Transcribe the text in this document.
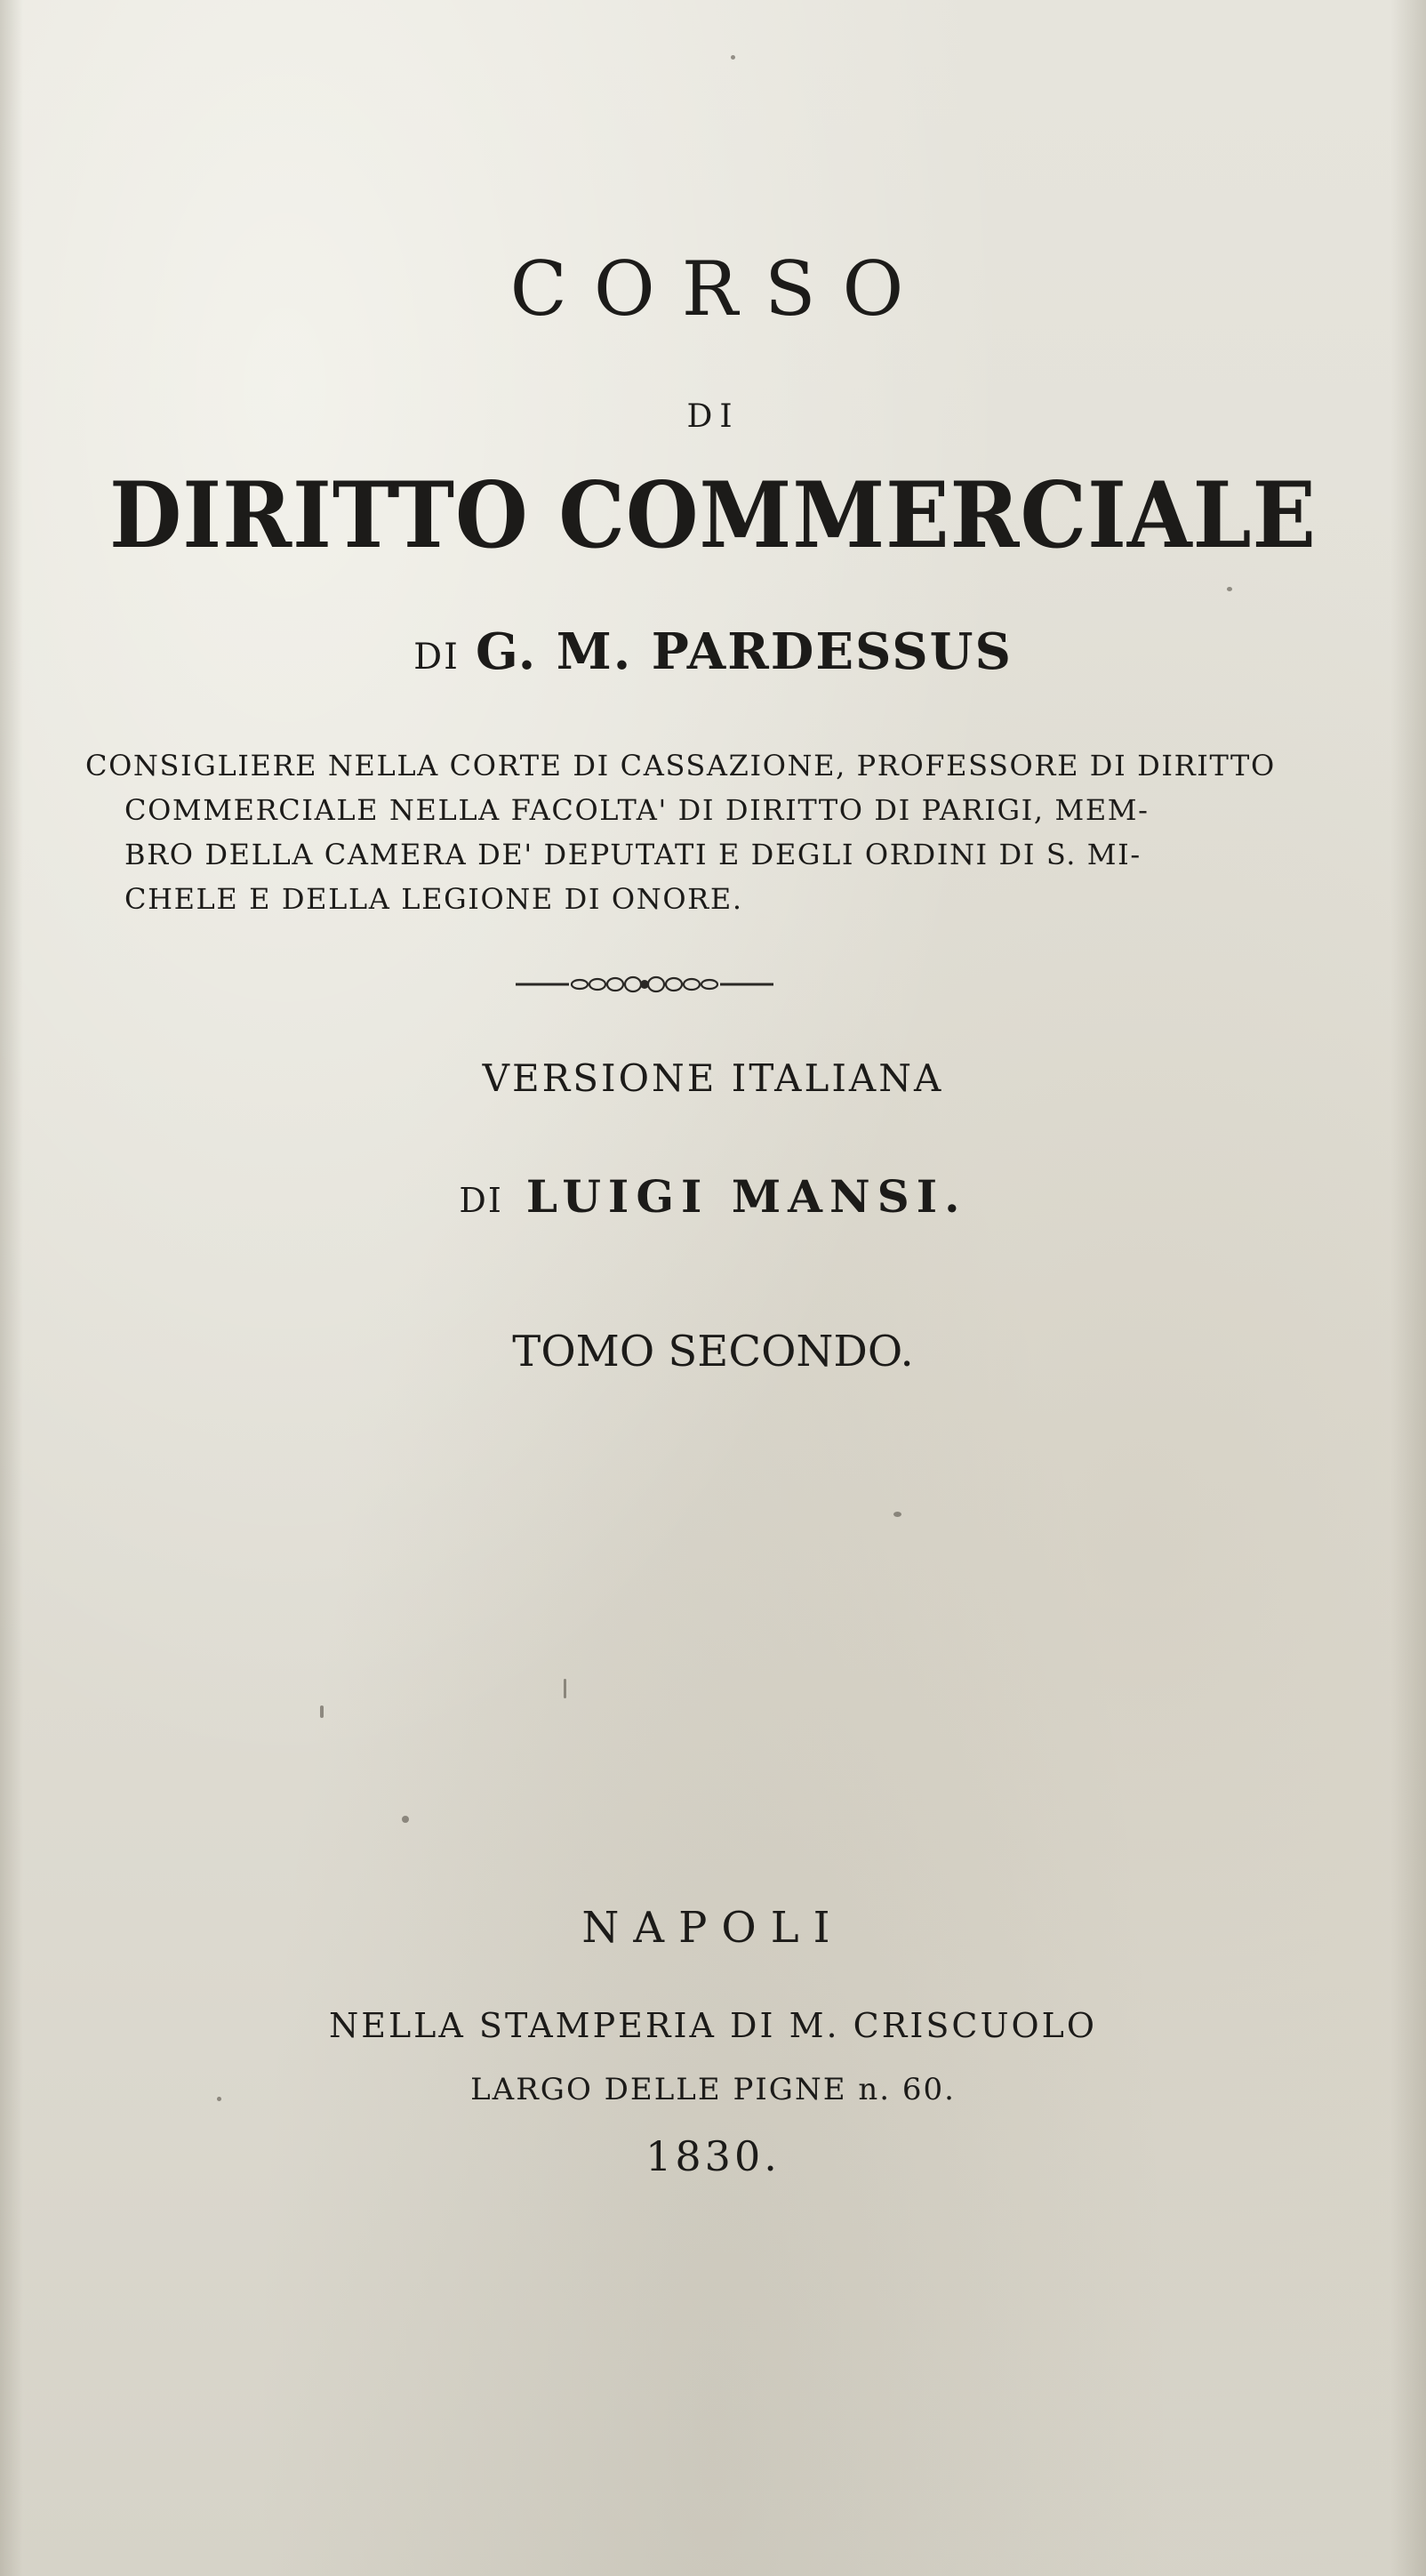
CORSO

DI

DIRITTO COMMERCIALE

DI G. M. PARDESSUS

CONSIGLIERE NELLA CORTE DI CASSAZIONE, PROFESSORE DI DIRITTO
COMMERCIALE NELLA FACOLTA' DI DIRITTO DI PARIGI, MEM-
BRO DELLA CAMERA DE' DEPUTATI E DEGLI ORDINI DI S. MI-
CHELE E DELLA LEGIONE DI ONORE.

VERSIONE ITALIANA

DI LUIGI MANSI.

TOMO SECONDO.

NAPOLI

NELLA STAMPERIA DI M. CRISCUOLO

LARGO DELLE PIGNE n. 60.

1830.
